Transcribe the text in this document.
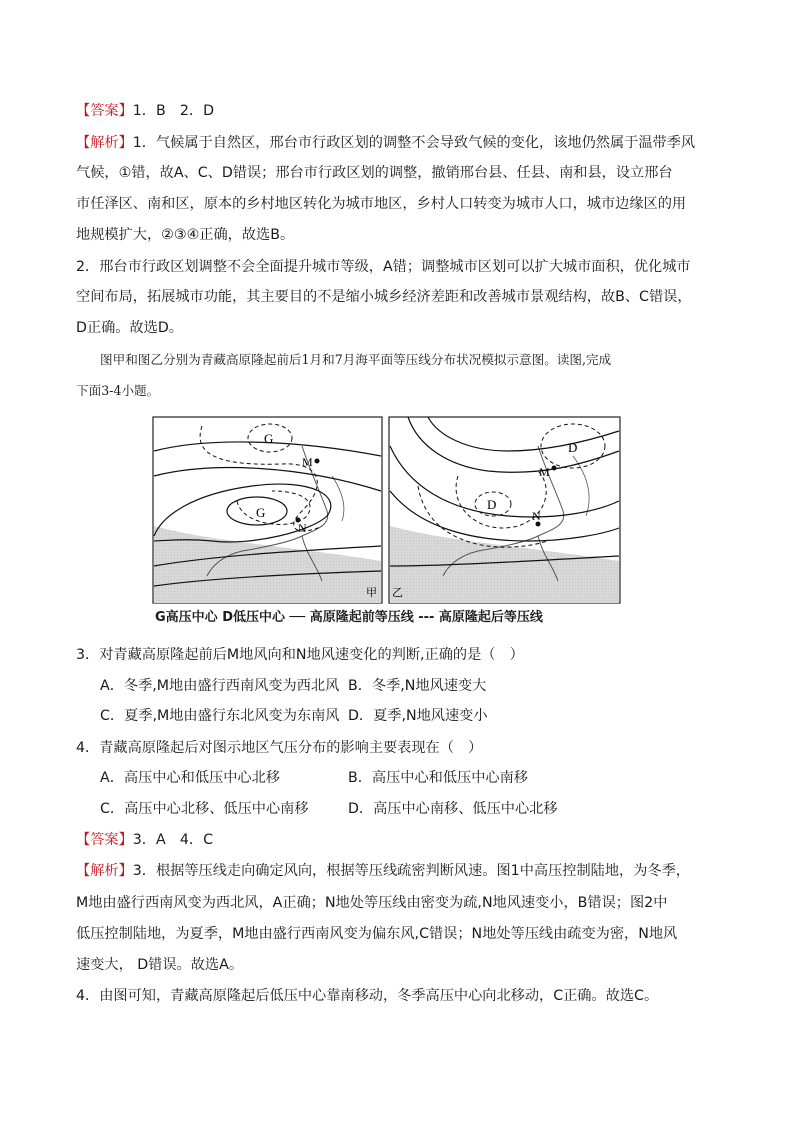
【答案】1．B　2．D
【解析】1．气候属于自然区，邢台市行政区划的调整不会导致气候的变化，该地仍然属于温带季风
气候，①错，故A、C、D错误；邢台市行政区划的调整，撤销邢台县、任县、南和县，设立邢台
市任泽区、南和区，原本的乡村地区转化为城市地区，乡村人口转变为城市人口，城市边缘区的用
地规模扩大，②③④正确，故选B。
2．邢台市行政区划调整不会全面提升城市等级，A错；调整城市区划可以扩大城市面积，优化城市
空间布局，拓展城市功能，其主要目的不是缩小城乡经济差距和改善城市景观结构，故B、C错误，
D正确。故选D。
图甲和图乙分别为青藏高原隆起前后1月和7月海平面等压线分布状况模拟示意图。读图,完成
下面3-4小题。
G
G
M
N
甲
D
D
M
N
乙
G高压中心 D低压中心 ── 高原隆起前等压线 --- 高原隆起后等压线
3．对青藏高原隆起前后M地风向和N地风速变化的判断,正确的是（　）
A．冬季,M地由盛行西南风变为西北风 B．冬季,N地风速变大
C．夏季,M地由盛行东北风变为东南风 D．夏季,N地风速变小
4．青藏高原隆起后对图示地区气压分布的影响主要表现在（　）
A．高压中心和低压中心北移	B．高压中心和低压中心南移
C．高压中心北移、低压中心南移	D．高压中心南移、低压中心北移
【答案】3．A　4．C
【解析】3．根据等压线走向确定风向，根据等压线疏密判断风速。图1中高压控制陆地，为冬季，
M地由盛行西南风变为西北风，A正确；N地处等压线由密变为疏,N地风速变小，B错误；图2中
低压控制陆地，为夏季，M地由盛行西南风变为偏东风,C错误；N地处等压线由疏变为密，N地风
速变大， D错误。故选A。
4．由图可知，青藏高原隆起后低压中心靠南移动，冬季高压中心向北移动，C正确。故选C。
